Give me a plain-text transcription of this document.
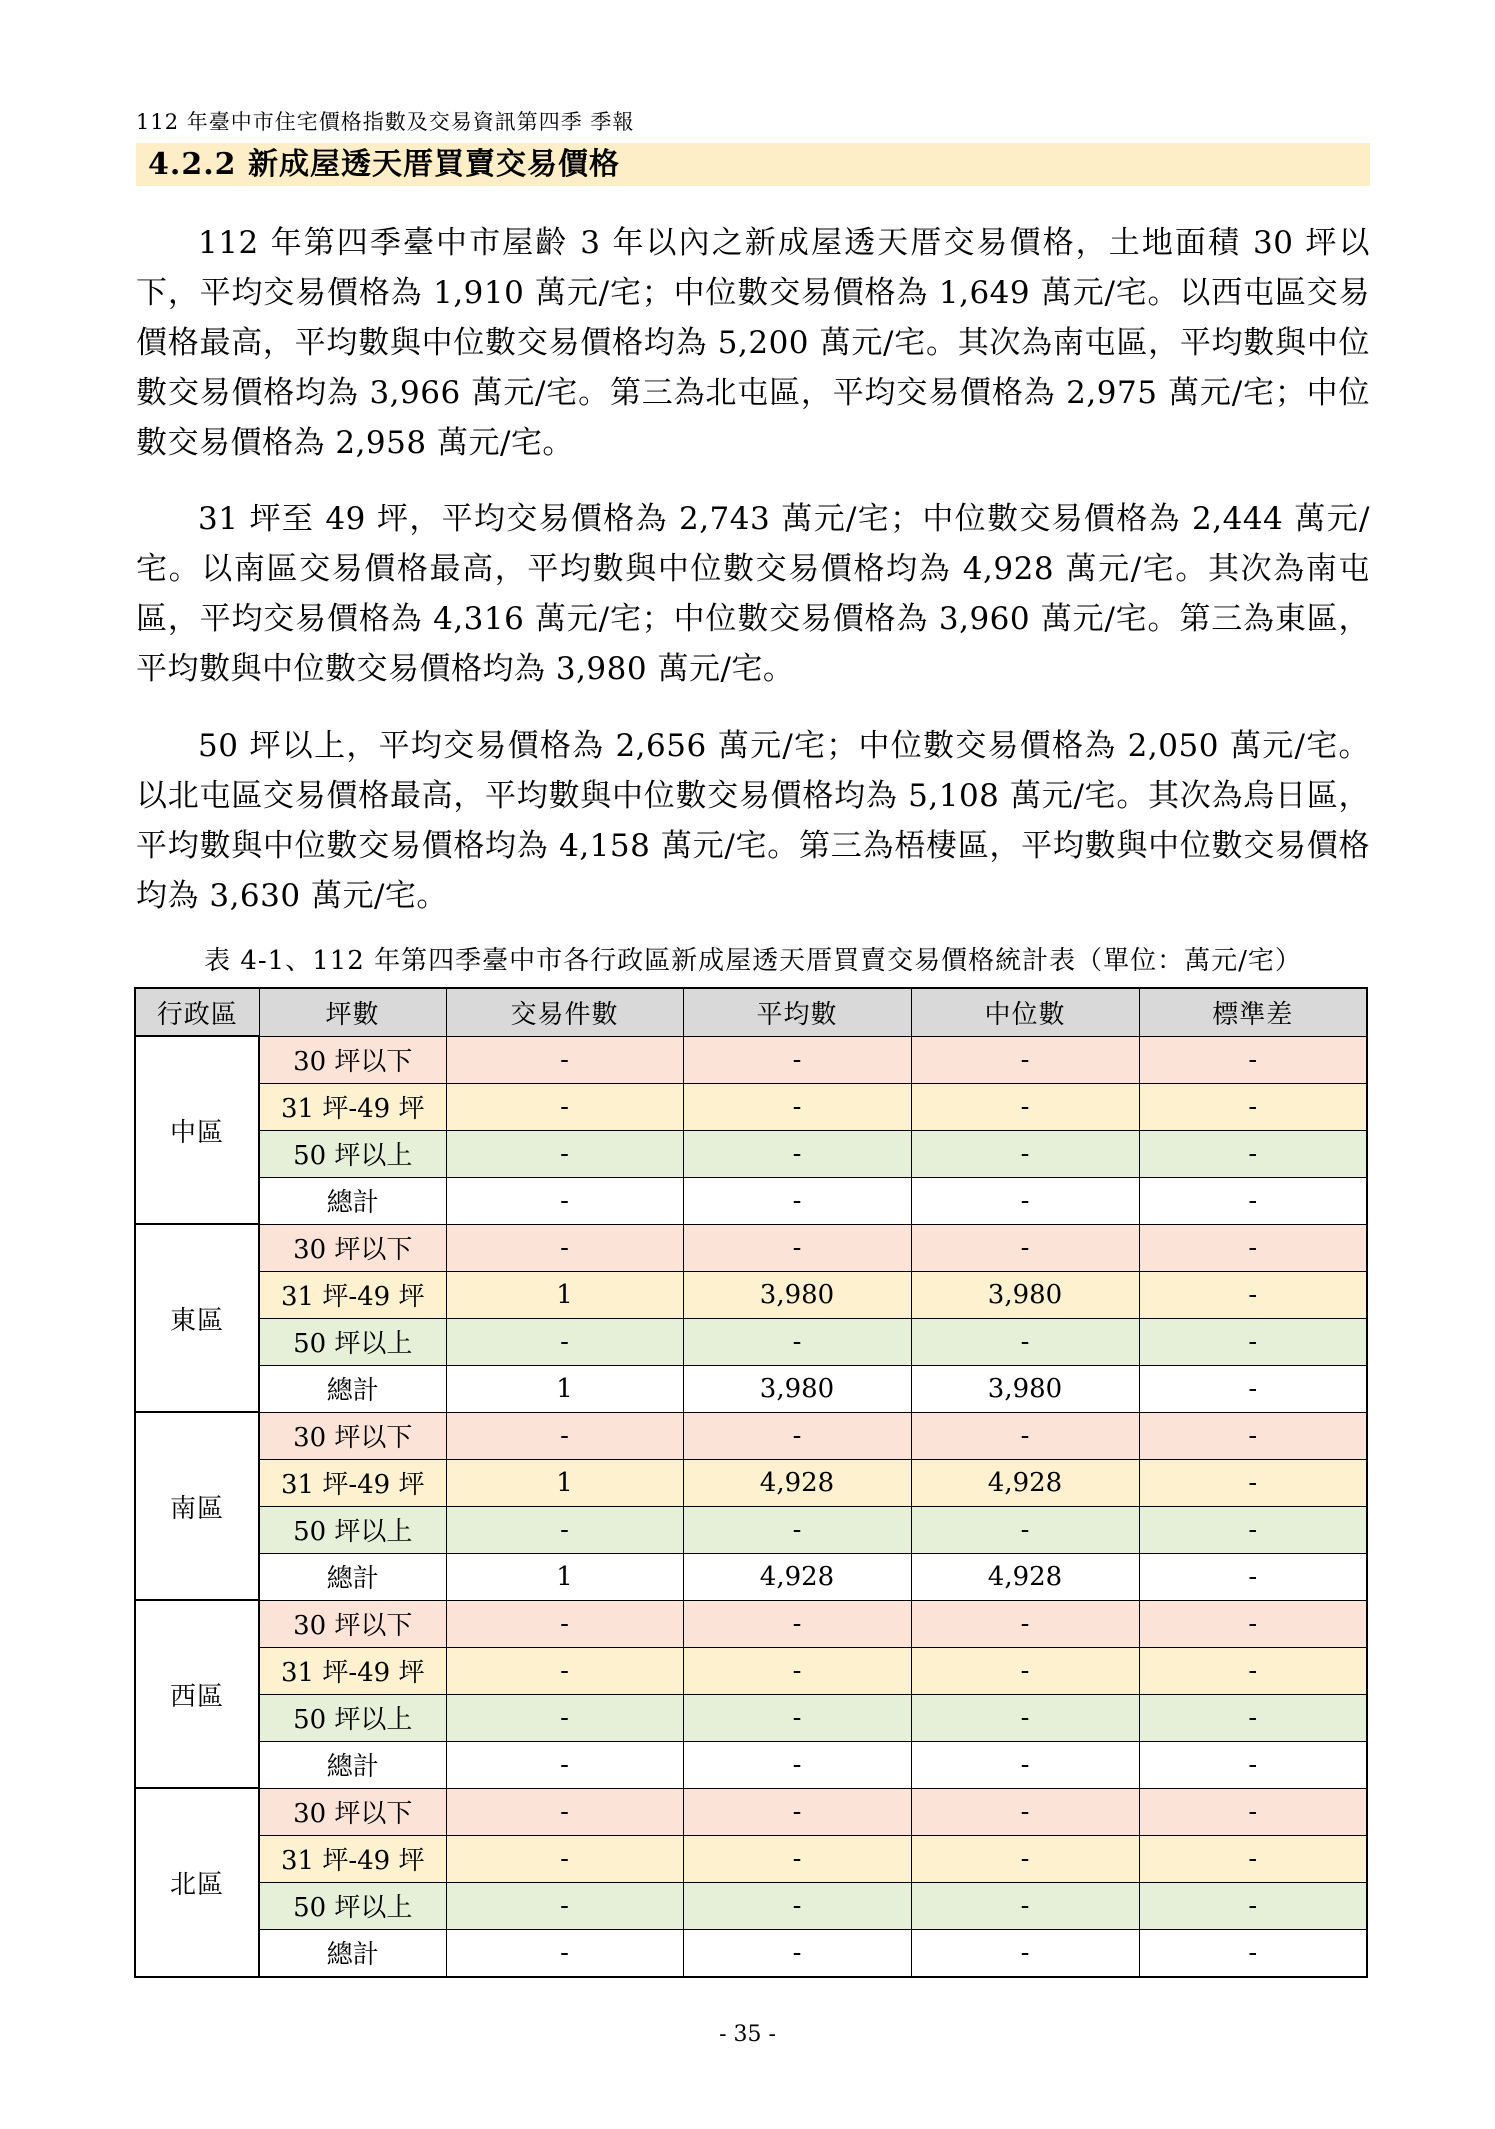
112 年臺中市住宅價格指數及交易資訊第四季 季報
4.2.2 新成屋透天厝買賣交易價格

112 年第四季臺中市屋齡 3 年以內之新成屋透天厝交易價格，土地面積 30 坪以下，平均交易價格為 1,910 萬元/宅；中位數交易價格為 1,649 萬元/宅。以西屯區交易價格最高，平均數與中位數交易價格均為 5,200 萬元/宅。其次為南屯區，平均數與中位數交易價格均為 3,966 萬元/宅。第三為北屯區，平均交易價格為 2,975 萬元/宅；中位數交易價格為 2,958 萬元/宅。

31 坪至 49 坪，平均交易價格為 2,743 萬元/宅；中位數交易價格為 2,444 萬元/宅。以南區交易價格最高，平均數與中位數交易價格均為 4,928 萬元/宅。其次為南屯區，平均交易價格為 4,316 萬元/宅；中位數交易價格為 3,960 萬元/宅。第三為東區，平均數與中位數交易價格均為 3,980 萬元/宅。

50 坪以上，平均交易價格為 2,656 萬元/宅；中位數交易價格為 2,050 萬元/宅。以北屯區交易價格最高，平均數與中位數交易價格均為 5,108 萬元/宅。其次為烏日區，平均數與中位數交易價格均為 4,158 萬元/宅。第三為梧棲區，平均數與中位數交易價格均為 3,630 萬元/宅。

表 4-1、112 年第四季臺中市各行政區新成屋透天厝買賣交易價格統計表（單位：萬元/宅）
行政區	坪數	交易件數	平均數	中位數	標準差
中區	30 坪以下	-	-	-	-
	31 坪-49 坪	-	-	-	-
	50 坪以上	-	-	-	-
	總計	-	-	-	-
東區	30 坪以下	-	-	-	-
	31 坪-49 坪	1	3,980	3,980	-
	50 坪以上	-	-	-	-
	總計	1	3,980	3,980	-
南區	30 坪以下	-	-	-	-
	31 坪-49 坪	1	4,928	4,928	-
	50 坪以上	-	-	-	-
	總計	1	4,928	4,928	-
西區	30 坪以下	-	-	-	-
	31 坪-49 坪	-	-	-	-
	50 坪以上	-	-	-	-
	總計	-	-	-	-
北區	30 坪以下	-	-	-	-
	31 坪-49 坪	-	-	-	-
	50 坪以上	-	-	-	-
	總計	-	-	-	-
- 35 -
